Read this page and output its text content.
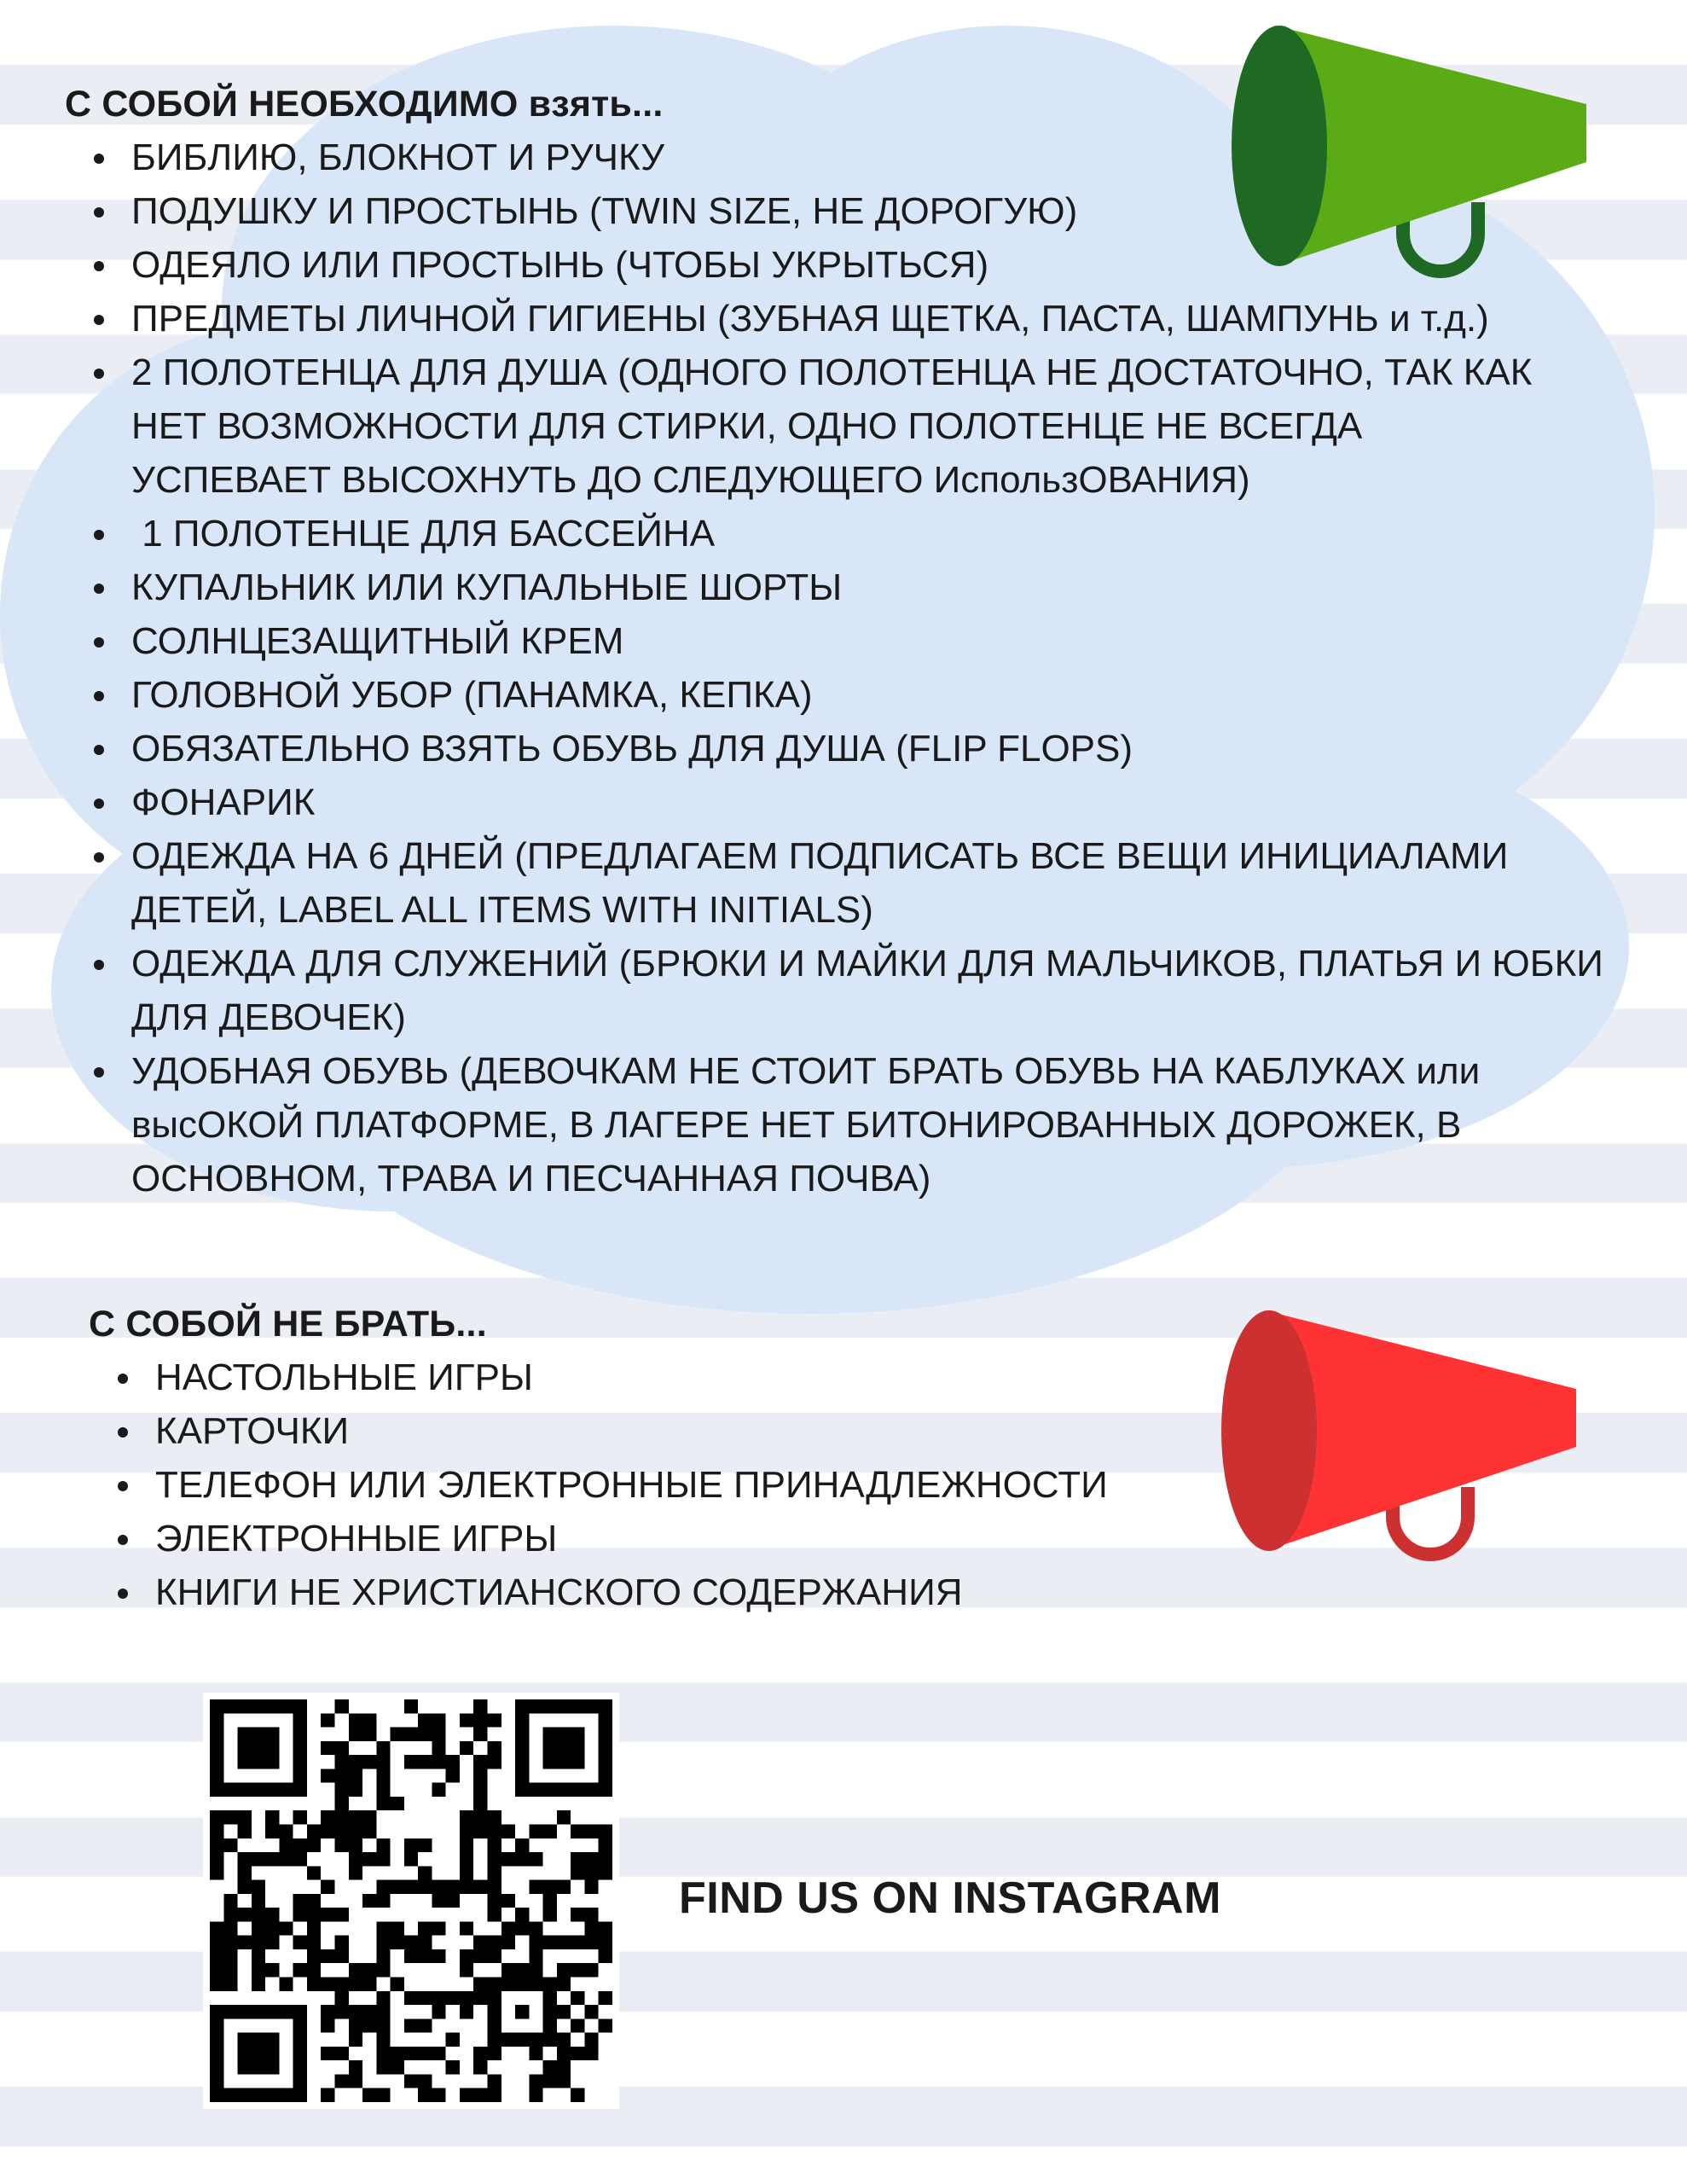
С СОБОЙ НЕОБХОДИМО взять...
БИБЛИЮ, БЛОКНОТ И РУЧКУ
ПОДУШКУ И ПРОСТЫНЬ (TWIN SIZE, НЕ ДОРОГУЮ)
ОДЕЯЛО ИЛИ ПРОСТЫНЬ (ЧТОБЫ УКРЫТЬСЯ)
ПРЕДМЕТЫ ЛИЧНОЙ ГИГИЕНЫ (ЗУБНАЯ ЩЕТКА, ПАСТА, ШАМПУНЬ и т.д.)
2 ПОЛОТЕНЦА ДЛЯ ДУША (ОДНОГО ПОЛОТЕНЦА НЕ ДОСТАТОЧНО, ТАК КАК НЕТ ВОЗМОЖНОСТИ ДЛЯ СТИРКИ, ОДНО ПОЛОТЕНЦЕ НЕ ВСЕГДА УСПЕВАЕТ ВЫСОХНУТЬ ДО СЛЕДУЮЩЕГО ИспользОВАНИЯ)
1 ПОЛОТЕНЦЕ ДЛЯ БАССЕЙНА
КУПАЛЬНИК ИЛИ КУПАЛЬНЫЕ ШОРТЫ
СОЛНЦЕЗАЩИТНЫЙ КРЕМ
ГОЛОВНОЙ УБОР (ПАНАМКА, КЕПКА)
ОБЯЗАТЕЛЬНО ВЗЯТЬ ОБУВЬ ДЛЯ ДУША (FLIP FLOPS)
ФОНАРИК
ОДЕЖДА НА 6 ДНЕЙ (ПРЕДЛАГАЕМ ПОДПИСАТЬ ВСЕ ВЕЩИ ИНИЦИАЛАМИ ДЕТЕЙ, LABEL ALL ITEMS WITH INITIALS)
ОДЕЖДА ДЛЯ СЛУЖЕНИЙ (БРЮКИ И МАЙКИ ДЛЯ МАЛЬЧИКОВ, ПЛАТЬЯ И ЮБКИ ДЛЯ ДЕВОЧЕК)
УДОБНАЯ ОБУВЬ (ДЕВОЧКАМ НЕ СТОИТ БРАТЬ ОБУВЬ НА КАБЛУКАХ или высОКОЙ ПЛАТФОРМЕ, В ЛАГЕРЕ НЕТ БИТОНИРОВАННЫХ ДОРОЖЕК, В ОСНОВНОМ, ТРАВА И ПЕСЧАННАЯ ПОЧВА)
С СОБОЙ НЕ БРАТЬ...
НАСТОЛЬНЫЕ ИГРЫ
КАРТОЧКИ
ТЕЛЕФОН ИЛИ ЭЛЕКТРОННЫЕ ПРИНАДЛЕЖНОСТИ
ЭЛЕКТРОННЫЕ ИГРЫ
КНИГИ НЕ ХРИСТИАНСКОГО СОДЕРЖАНИЯ
FIND US ON INSTAGRAM
